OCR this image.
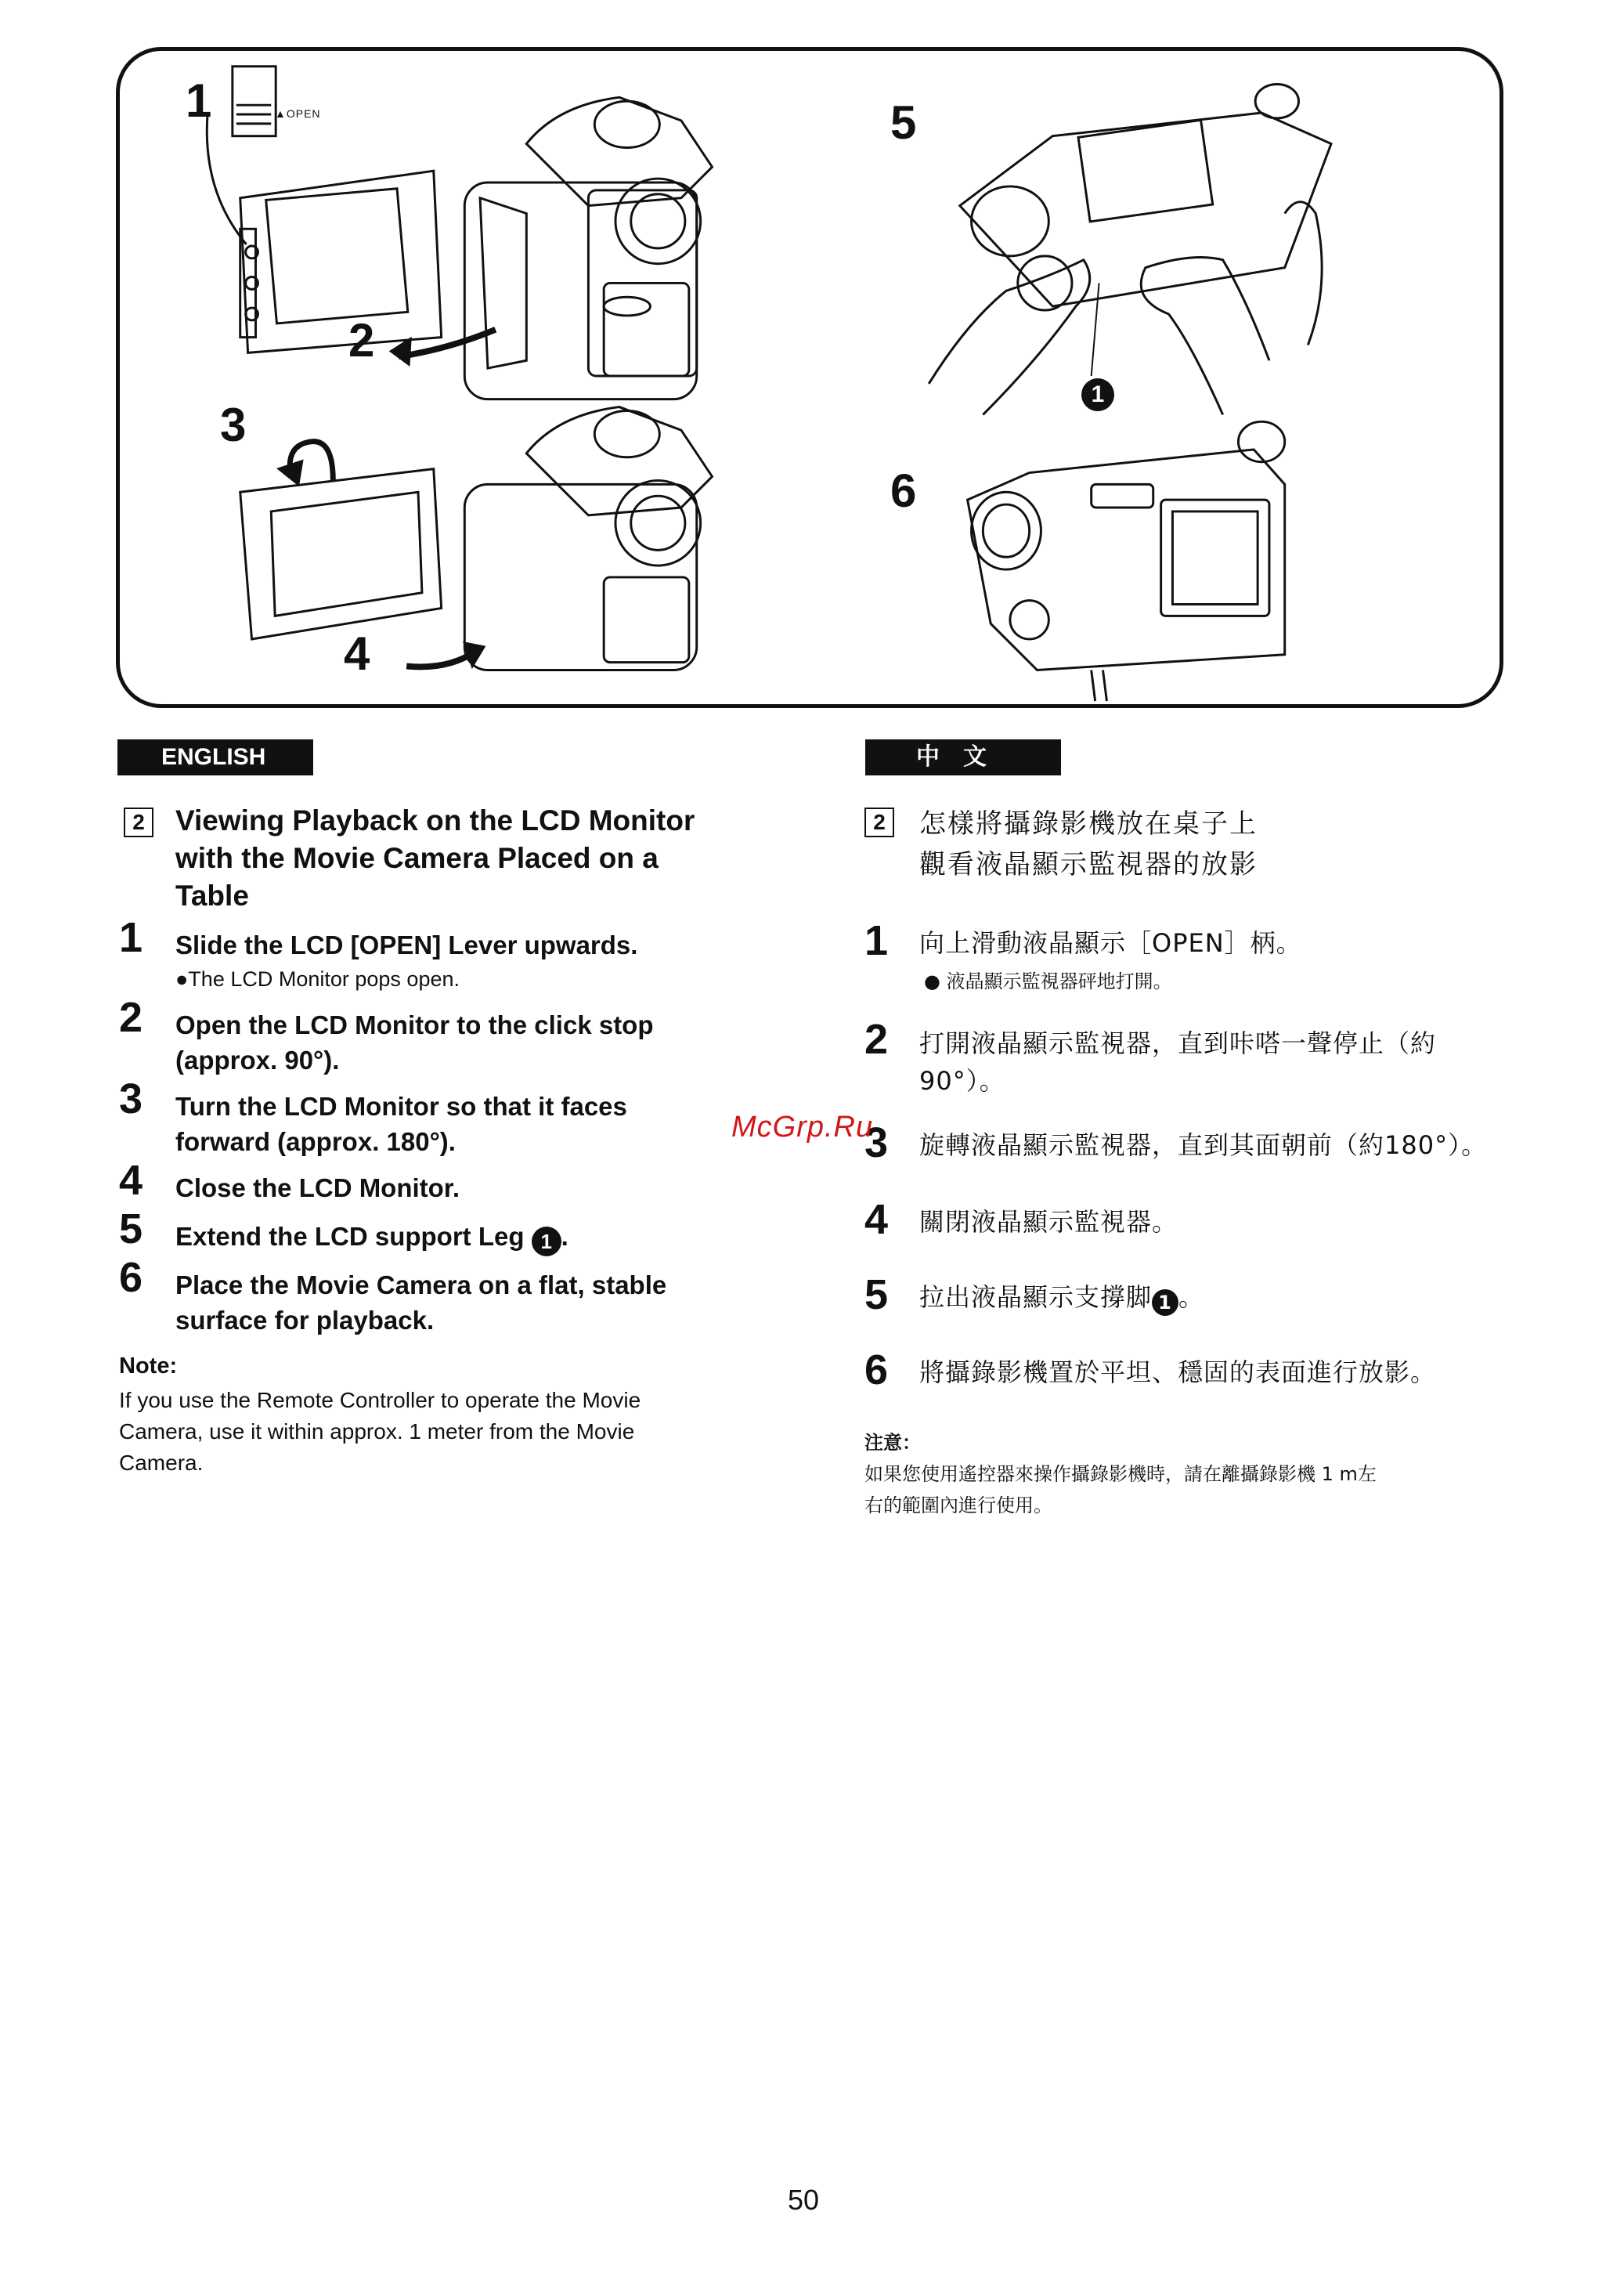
1	▲OPEN
2
3
4
5
6
1
ENGLISH
2	Viewing Playback on the LCD Monitor
with the Movie Camera Placed on a
Table
1 Slide the LCD [OPEN] Lever upwards.
●The LCD Monitor pops open.
2 Open the LCD Monitor to the click stop
(approx. 90°).
3 Turn the LCD Monitor so that it faces
forward (approx. 180°).
4 Close the LCD Monitor.
5 Extend the LCD support Leg 1 .
6 Place the Movie Camera on a flat, stable
surface for playback.
Note:
If you use the Remote Controller to operate the Movie
Camera, use it within approx. 1 meter from the Movie
Camera.
中文
2	怎樣將攝錄影機放在桌子上
觀看液晶顯示監視器的放影
1 向上滑動液晶顯示［OPEN］柄。
● 液晶顯示監視器砰地打開。
2 打開液晶顯示監視器，直到咔嗒一聲停止（約
90°）。
3 旋轉液晶顯示監視器，直到其面朝前（約180°）。
4 關閉液晶顯示監視器。
5 拉出液晶顯示支撐脚 1 。
6 將攝錄影機置於平坦、穩固的表面進行放影。
注意：
如果您使用遙控器來操作攝錄影機時，請在離攝錄影機 1 m左
右的範圍內進行使用。
McGrp.Ru
50
